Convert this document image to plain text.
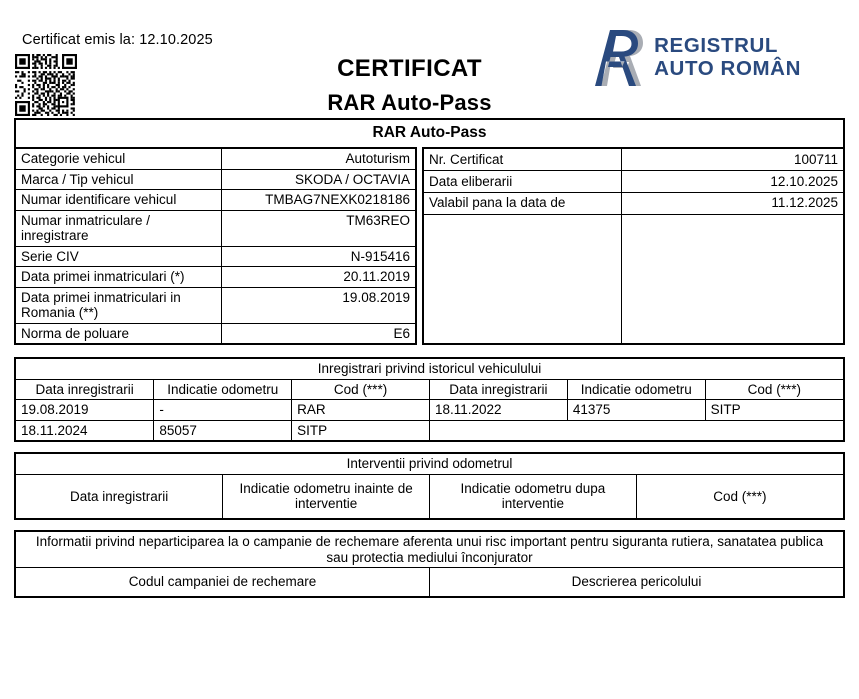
Certificat emis la: 12.10.2025
CERTIFICAT
RAR Auto-Pass
REGISTRUL
AUTO ROMÂN
RAR Auto-Pass
Categorie vehicul	Autoturism
Marca / Tip vehicul	SKODA / OCTAVIA
Numar identificare vehicul	TMBAG7NEXK0218186
Numar inmatriculare / inregistrare	TM63REO
Serie CIV	N-915416
Data primei inmatriculari (*)	20.11.2019
Data primei inmatriculari in Romania (**)	19.08.2019
Norma de poluare	E6
Nr. Certificat	100711
Data eliberarii	12.10.2025
Valabil pana la data de	11.12.2025

Inregistrari privind istoricul vehiculului					
Data inregistrarii	Indicatie odometru	Cod (***)	Data inregistrarii	Indicatie odometru	Cod (***)
19.08.2019	-	RAR	18.11.2022	41375	SITP
18.11.2024	85057	SITP			
Interventii privind odometrul
Data inregistrarii	Indicatie odometru inainte de interventie	Indicatie odometru dupa interventie	Cod (***)
Informatii privind neparticiparea la o campanie de rechemare aferenta unui risc important pentru siguranta rutiera, sanatatea publica sau protectia mediului înconjurator
Codul campaniei de rechemare	Descrierea pericolului
